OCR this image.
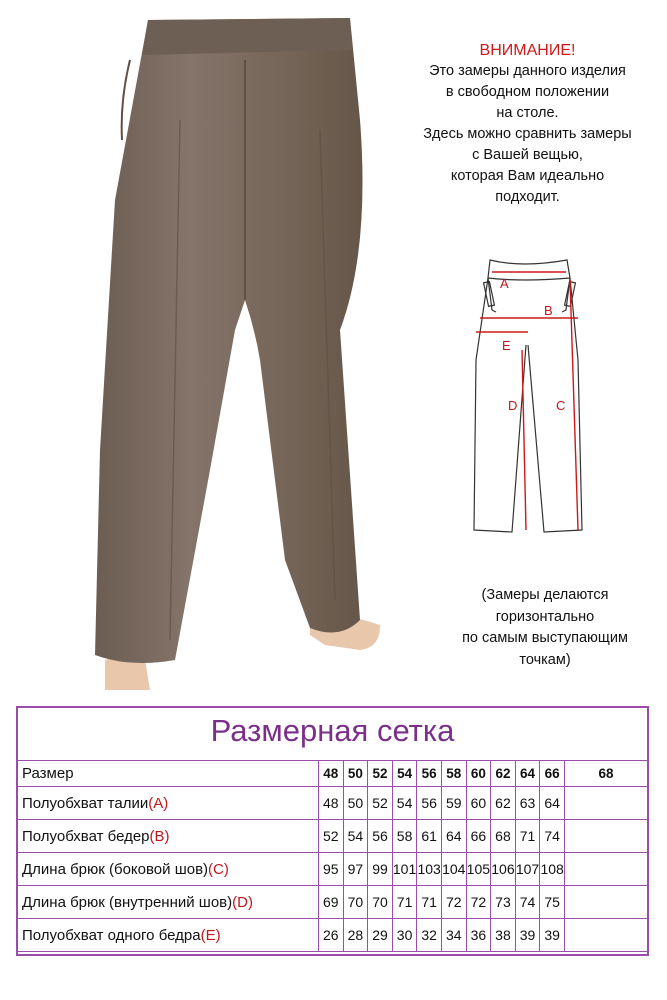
ВНИМАНИЕ!
Это замеры данного изделия
в свободном положении
на столе.
Здесь можно сравнить замеры
с Вашей вещью,
которая Вам идеально
подходит.
A
B
E
D	C
(Замеры делаются
горизонтально
по самым выступающим
точкам)
Размерная сетка
Размер	48 50 52 54 56 58 60 62 64 66	68
Полуобхват талии (A)	48 50 52 54 56 59 60 62 63 64
Полуобхват бедер (B)	52 54 56 58 61 64 66 68 71 74
Длина брюк (боковой шов) (C)	95 97 99 101 103 104 105 106 107 108
Длина брюк (внутренний шов) (D)	69 70 70 71 71 72 72 73 74 75
Полуобхват одного бедра (E)	26 28 29 30 32 34 36 38 39 39
